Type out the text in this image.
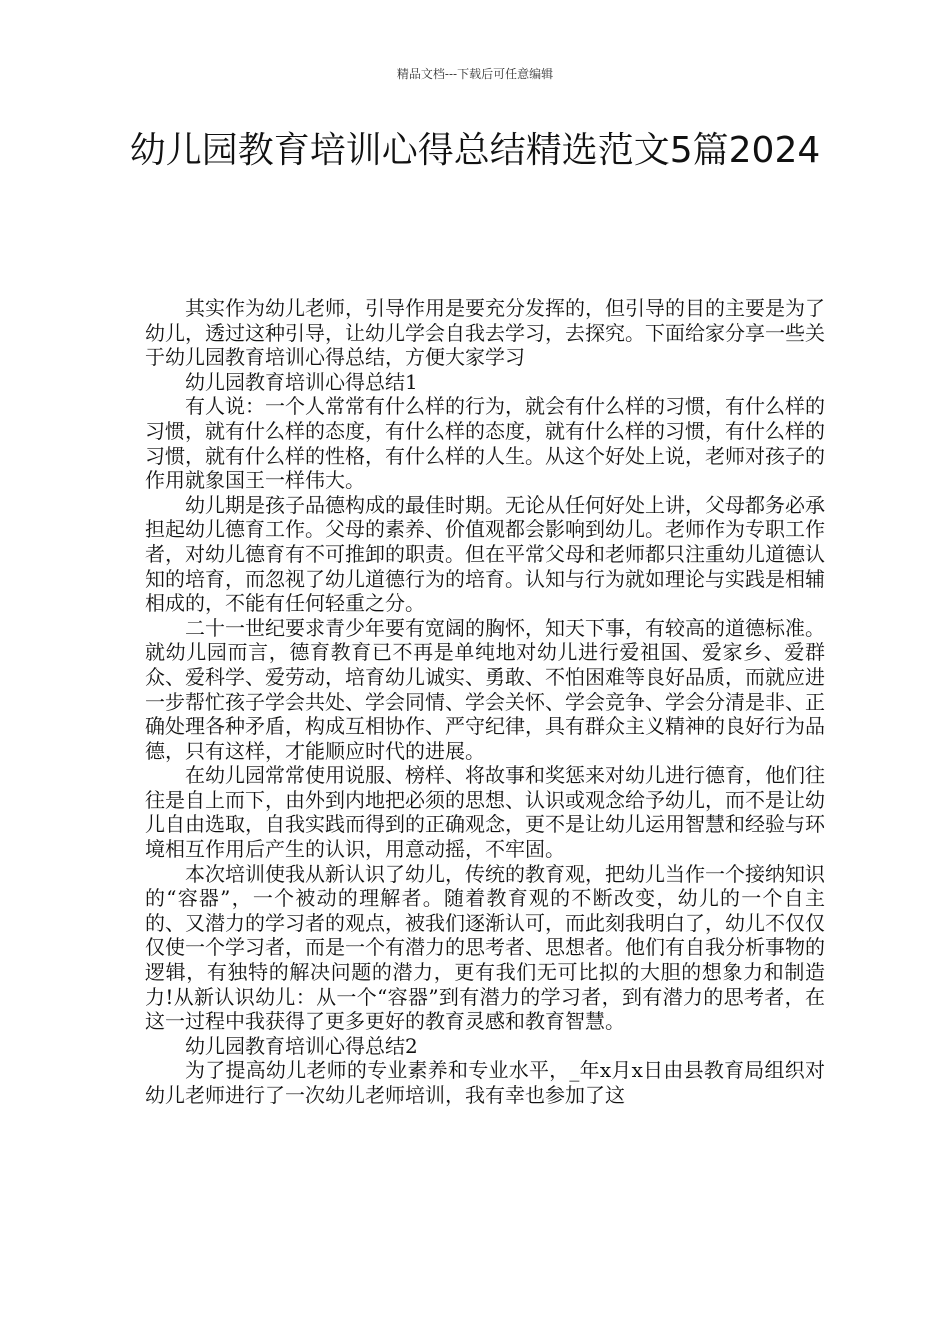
精品文档---下载后可任意编辑
幼儿园教育培训心得总结精选范文5篇2024

其实作为幼儿老师，引导作用是要充分发挥的，但引导的目的主要是为了幼儿，透过这种引导，让幼儿学会自我去学习，去探究。下面给家分享一些关于幼儿园教育培训心得总结，方便大家学习

幼儿园教育培训心得总结1

有人说：一个人常常有什么样的行为，就会有什么样的习惯，有什么样的习惯，就有什么样的态度，有什么样的态度，就有什么样的习惯，有什么样的习惯，就有什么样的性格，有什么样的人生。从这个好处上说，老师对孩子的作用就象国王一样伟大。

幼儿期是孩子品德构成的最佳时期。无论从任何好处上讲，父母都务必承担起幼儿德育工作。父母的素养、价值观都会影响到幼儿。老师作为专职工作者，对幼儿德育有不可推卸的职责。但在平常父母和老师都只注重幼儿道德认知的培育，而忽视了幼儿道德行为的培育。认知与行为就如理论与实践是相辅相成的，不能有任何轻重之分。

二十一世纪要求青少年要有宽阔的胸怀，知天下事，有较高的道德标准。就幼儿园而言，德育教育已不再是单纯地对幼儿进行爱祖国、爱家乡、爱群众、爱科学、爱劳动，培育幼儿诚实、勇敢、不怕困难等良好品质，而就应进一步帮忙孩子学会共处、学会同情、学会关怀、学会竞争、学会分清是非、正确处理各种矛盾，构成互相协作、严守纪律，具有群众主义精神的良好行为品德，只有这样，才能顺应时代的进展。

在幼儿园常常使用说服、榜样、将故事和奖惩来对幼儿进行德育，他们往往是自上而下，由外到内地把必须的思想、认识或观念给予幼儿，而不是让幼儿自由选取，自我实践而得到的正确观念，更不是让幼儿运用智慧和经验与环境相互作用后产生的认识，用意动摇，不牢固。

本次培训使我从新认识了幼儿，传统的教育观，把幼儿当作一个接纳知识的“容器”，一个被动的理解者。随着教育观的不断改变，幼儿的一个自主的、又潜力的学习者的观点，被我们逐渐认可，而此刻我明白了，幼儿不仅仅仅使一个学习者，而是一个有潜力的思考者、思想者。他们有自我分析事物的逻辑，有独特的解决问题的潜力，更有我们无可比拟的大胆的想象力和制造力!从新认识幼儿：从一个“容器”到有潜力的学习者，到有潜力的思考者，在这一过程中我获得了更多更好的教育灵感和教育智慧。

幼儿园教育培训心得总结2

为了提高幼儿老师的专业素养和专业水平，_年x月x日由县教育局组织对幼儿老师进行了一次幼儿老师培训，我有幸也参加了这
